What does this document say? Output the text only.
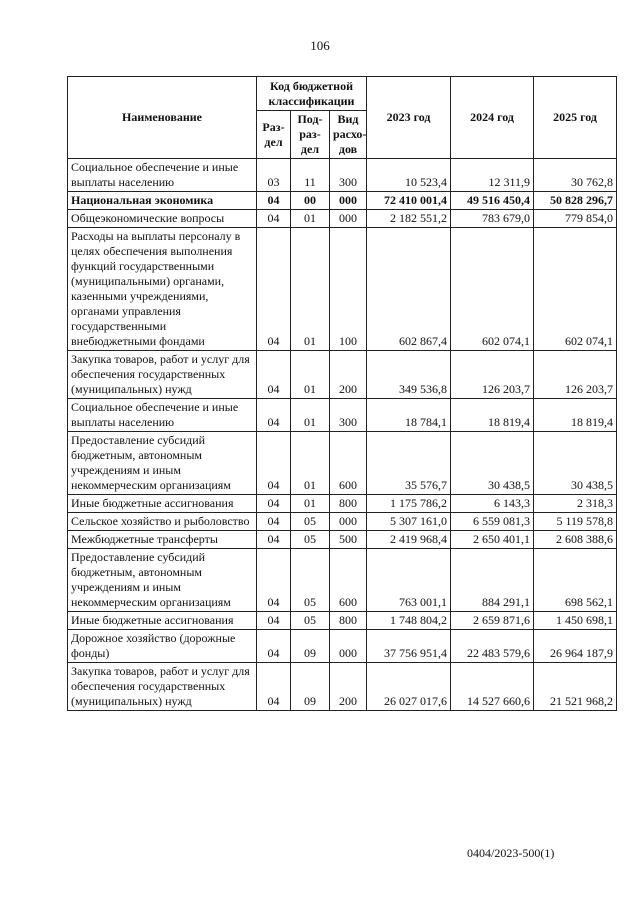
106
Наименование	Код бюджетной классификации			2023 год	2024 год	2025 год
	Раз-дел	Под-раз-дел	Вид расхо-дов			
Социальное обеспечение и иные выплаты населению	03	11	300	10 523,4	12 311,9	30 762,8
Национальная экономика	04	00	000	72 410 001,4	49 516 450,4	50 828 296,7
Общеэкономические вопросы	04	01	000	2 182 551,2	783 679,0	779 854,0
Расходы на выплаты персоналу в целях обеспечения выполнения функций государственными (муниципальными) органами, казенными учреждениями, органами управления государственными внебюджетными фондами	04	01	100	602 867,4	602 074,1	602 074,1
Закупка товаров, работ и услуг для обеспечения государственных (муниципальных) нужд	04	01	200	349 536,8	126 203,7	126 203,7
Социальное обеспечение и иные выплаты населению	04	01	300	18 784,1	18 819,4	18 819,4
Предоставление субсидий бюджетным, автономным учреждениям и иным некоммерческим организациям	04	01	600	35 576,7	30 438,5	30 438,5
Иные бюджетные ассигнования	04	01	800	1 175 786,2	6 143,3	2 318,3
Сельское хозяйство и рыболовство	04	05	000	5 307 161,0	6 559 081,3	5 119 578,8
Межбюджетные трансферты	04	05	500	2 419 968,4	2 650 401,1	2 608 388,6
Предоставление субсидий бюджетным, автономным учреждениям и иным некоммерческим организациям	04	05	600	763 001,1	884 291,1	698 562,1
Иные бюджетные ассигнования	04	05	800	1 748 804,2	2 659 871,6	1 450 698,1
Дорожное хозяйство (дорожные фонды)	04	09	000	37 756 951,4	22 483 579,6	26 964 187,9
Закупка товаров, работ и услуг для обеспечения государственных (муниципальных) нужд	04	09	200	26 027 017,6	14 527 660,6	21 521 968,2
0404/2023-500(1)
